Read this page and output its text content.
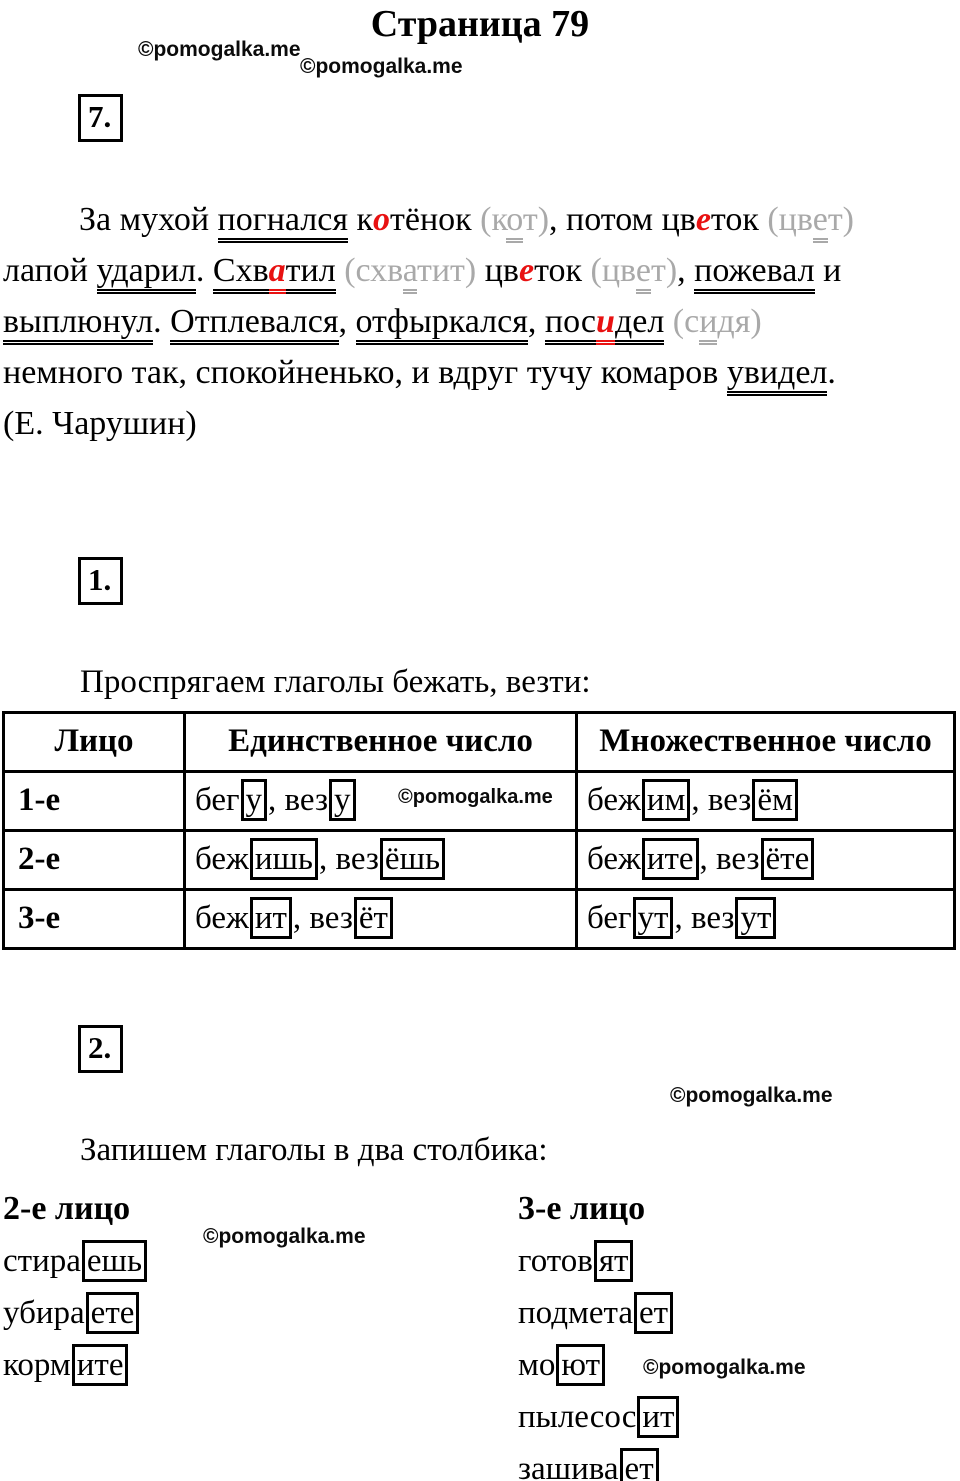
Страница 79
©pomogalka.me
©pomogalka.me
7.
За мухой погнался котёнок (кот), потом цветок (цвет)
лапой ударил. Схватил (схватит) цветок (цвет), пожевал и
выплюнул. Отплевался, отфыркался, посидел (сидя)
немного так, спокойненько, и вдруг тучу комаров увидел.
(Е. Чарушин)
1.
Проспрягаем глаголы бежать, везти:
Лицо	Единственное число	Множественное число
1-е	бег у , вез у	беж им , вез ём
2-е	беж ишь , вез ёшь	беж ите , вез ёте
3-е	беж ит , вез ёт	бег ут , вез ут
©pomogalka.me
2.
©pomogalka.me
Запишем глаголы в два столбика:
2-е лицо
стира ешь
убира ете
корм ите
3-е лицо
готов ят
подмета ет
мо ют
пылесос ит
зашива ет
©pomogalka.me
©pomogalka.me
